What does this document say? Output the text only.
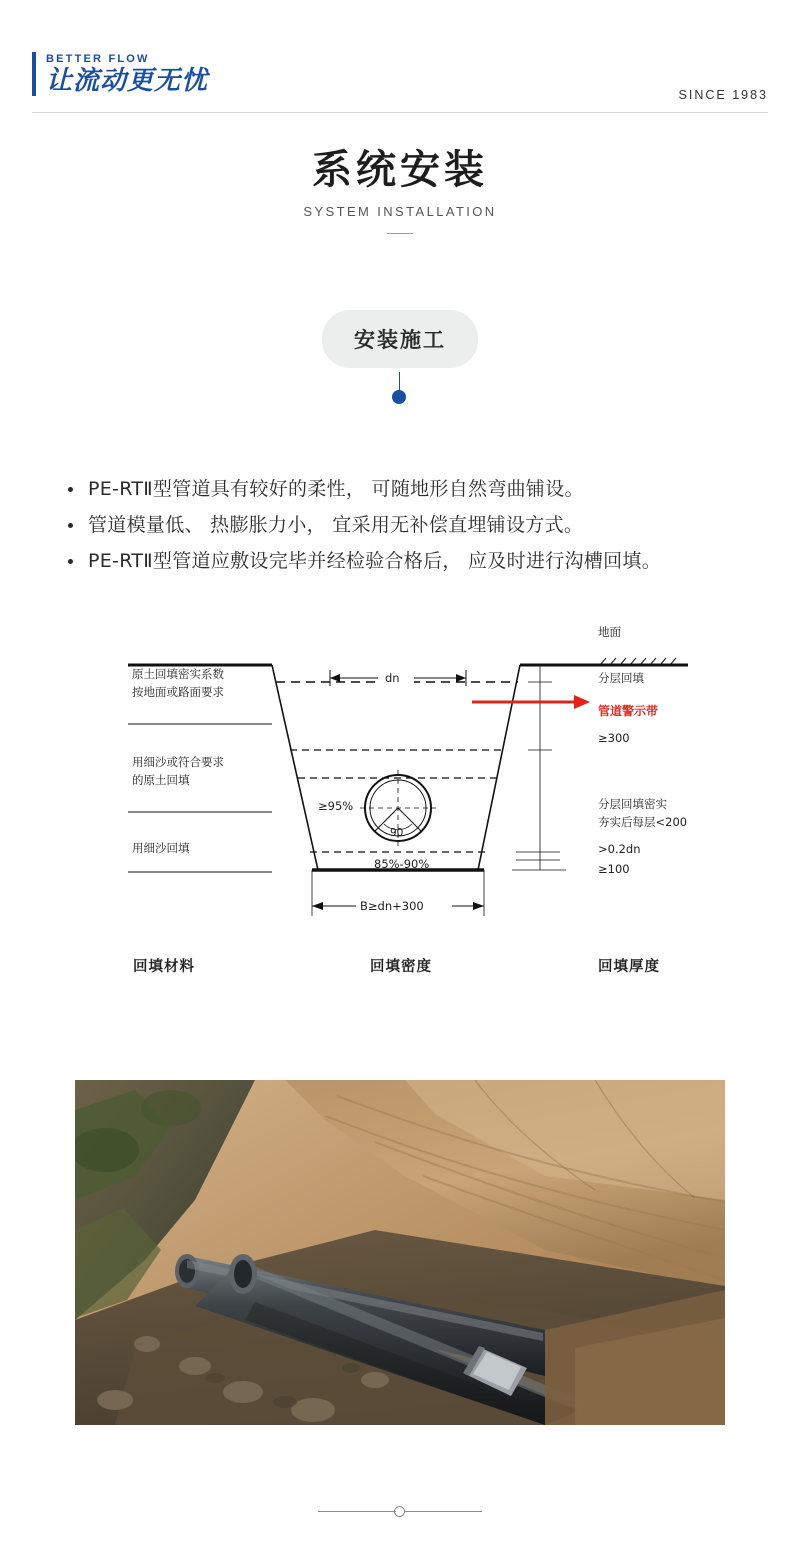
BETTER FLOW
让流动更无忧	SINCE 1983
系统安装
SYSTEM INSTALLATION
安装施工
PE-RTⅡ型管道具有较好的柔性， 可随地形自然弯曲铺设。
管道模量低、 热膨胀力小， 宜采用无补偿直埋铺设方式。
PE-RTⅡ型管道应敷设完毕并经检验合格后， 应及时进行沟槽回填。
dn
90
≥95%
85%-90%
B≥dn+300
地面
分层回填
管道警示带
≥300
分层回填密实
夯实后每层<200
>0.2dn
≥100
原土回填密实系数
按地面或路面要求
用细沙或符合要求
的原土回填
用细沙回填
回填材料	回填密度	回填厚度
